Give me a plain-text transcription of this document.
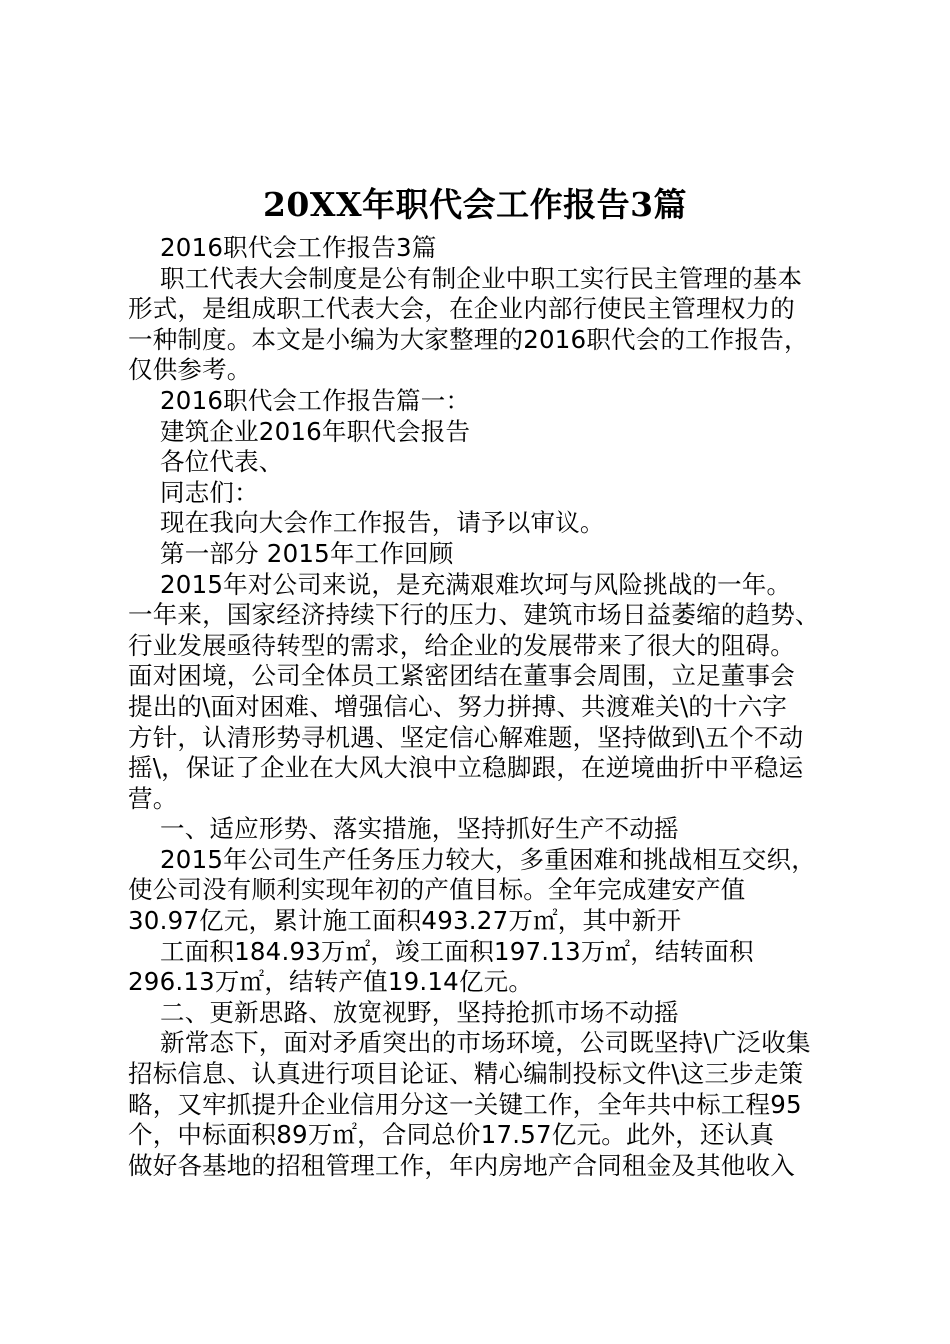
20XX年职代会工作报告3篇
2016职代会工作报告3篇
职工代表大会制度是公有制企业中职工实行民主管理的基本
形式，是组成职工代表大会，在企业内部行使民主管理权力的
一种制度。本文是小编为大家整理的2016职代会的工作报告，
仅供参考。
2016职代会工作报告篇一：
建筑企业2016年职代会报告
各位代表、
同志们：
现在我向大会作工作报告，请予以审议。
第一部分 2015年工作回顾
2015年对公司来说，是充满艰难坎坷与风险挑战的一年。
一年来，国家经济持续下行的压力、建筑市场日益萎缩的趋势、
行业发展亟待转型的需求，给企业的发展带来了很大的阻碍。
面对困境，公司全体员工紧密团结在董事会周围，立足董事会
提出的\面对困难、增强信心、努力拼搏、共渡难关\的十六字
方针，认清形势寻机遇、坚定信心解难题，坚持做到\五个不动
摇\，保证了企业在大风大浪中立稳脚跟，在逆境曲折中平稳运
营。
一、适应形势、落实措施，坚持抓好生产不动摇
2015年公司生产任务压力较大，多重困难和挑战相互交织，
使公司没有顺利实现年初的产值目标。全年完成建安产值
30.97亿元，累计施工面积493.27万㎡，其中新开
工面积184.93万㎡，竣工面积197.13万㎡，结转面积
296.13万㎡，结转产值19.14亿元。
二、更新思路、放宽视野，坚持抢抓市场不动摇
新常态下，面对矛盾突出的市场环境，公司既坚持\广泛收集
招标信息、认真进行项目论证、精心编制投标文件\这三步走策
略，又牢抓提升企业信用分这一关键工作，全年共中标工程95
个，中标面积89万㎡，合同总价17.57亿元。此外，还认真
做好各基地的招租管理工作，年内房地产合同租金及其他收入
